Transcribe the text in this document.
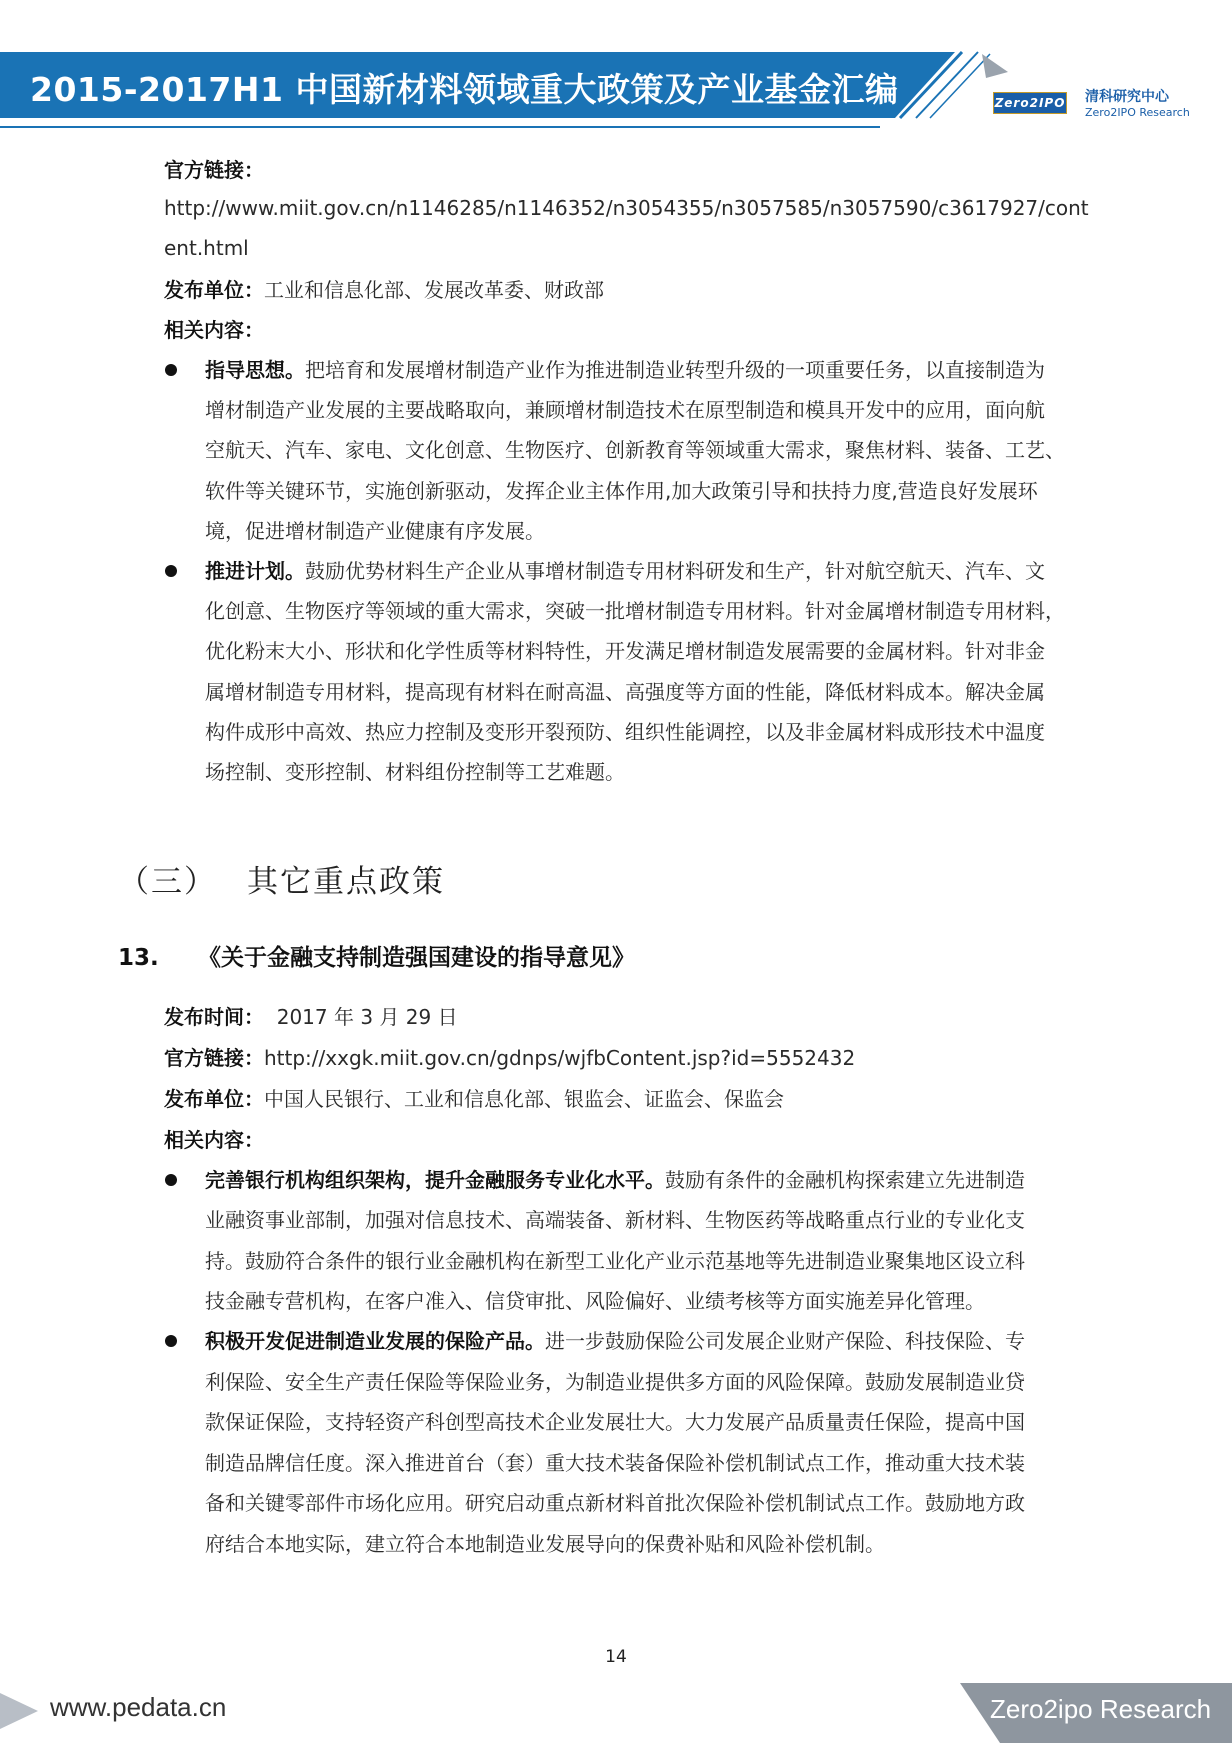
2015-2017H1 中国新材料领域重大政策及产业基金汇编	Zero2IPO 清科研究中心
Zero2IPO Research
官方链接：
http://www.miit.gov.cn/n1146285/n1146352/n3054355/n3057585/n3057590/c3617927/cont
ent.html
发布单位：工业和信息化部、发展改革委、财政部
相关内容：
指导思想。把培育和发展增材制造产业作为推进制造业转型升级的一项重要任务，以直接制造为
增材制造产业发展的主要战略取向，兼顾增材制造技术在原型制造和模具开发中的应用，面向航
空航天、汽车、家电、文化创意、生物医疗、创新教育等领域重大需求，聚焦材料、装备、工艺、
软件等关键环节，实施创新驱动，发挥企业主体作用,加大政策引导和扶持力度,营造良好发展环
境，促进增材制造产业健康有序发展。
推进计划。鼓励优势材料生产企业从事增材制造专用材料研发和生产，针对航空航天、汽车、文
化创意、生物医疗等领域的重大需求，突破一批增材制造专用材料。针对金属增材制造专用材料，
优化粉末大小、形状和化学性质等材料特性，开发满足增材制造发展需要的金属材料。针对非金
属增材制造专用材料，提高现有材料在耐高温、高强度等方面的性能，降低材料成本。解决金属
构件成形中高效、热应力控制及变形开裂预防、组织性能调控，以及非金属材料成形技术中温度
场控制、变形控制、材料组份控制等工艺难题。
（三） 其它重点政策
13. 《关于金融支持制造强国建设的指导意见》
发布时间： 2017 年 3 月 29 日
官方链接：http://xxgk.miit.gov.cn/gdnps/wjfbContent.jsp?id=5552432
发布单位：中国人民银行、工业和信息化部、银监会、证监会、保监会
相关内容：
完善银行机构组织架构，提升金融服务专业化水平。鼓励有条件的金融机构探索建立先进制造
业融资事业部制，加强对信息技术、高端装备、新材料、生物医药等战略重点行业的专业化支
持。鼓励符合条件的银行业金融机构在新型工业化产业示范基地等先进制造业聚集地区设立科
技金融专营机构，在客户准入、信贷审批、风险偏好、业绩考核等方面实施差异化管理。
积极开发促进制造业发展的保险产品。进一步鼓励保险公司发展企业财产保险、科技保险、专
利保险、安全生产责任保险等保险业务，为制造业提供多方面的风险保障。鼓励发展制造业贷
款保证保险，支持轻资产科创型高技术企业发展壮大。大力发展产品质量责任保险，提高中国
制造品牌信任度。深入推进首台（套）重大技术装备保险补偿机制试点工作，推动重大技术装
备和关键零部件市场化应用。研究启动重点新材料首批次保险补偿机制试点工作。鼓励地方政
府结合本地实际，建立符合本地制造业发展导向的保费补贴和风险补偿机制。
14
www.pedata.cn	Zero2ipo Research
